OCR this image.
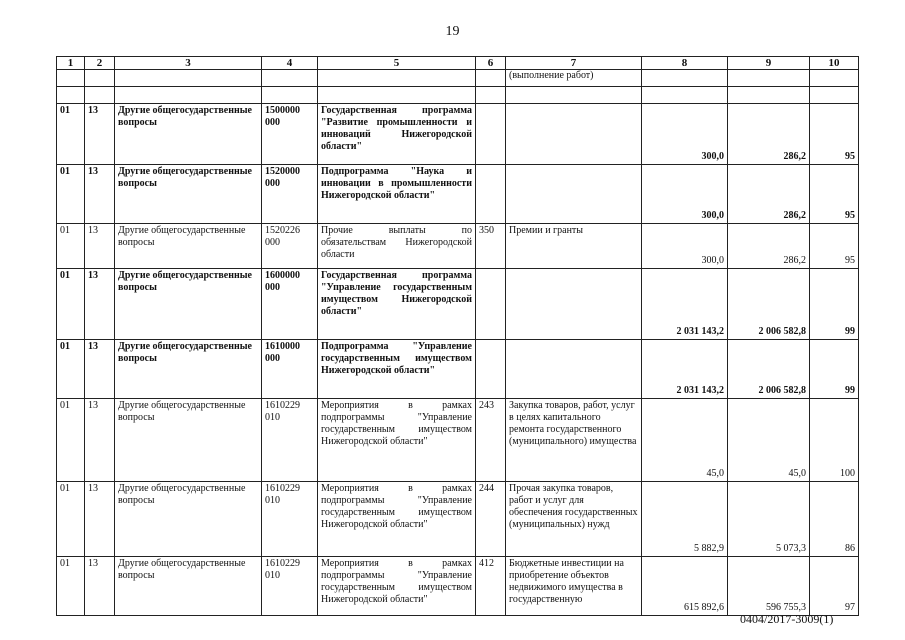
19
1	2	3	4	5	6	7	8	9	10
						(выполнение работ)			

01	13	Другие общегосударственные вопросы	1500000 000	Государственная программа "Развитие промышленности и инноваций Нижегородской области"			300,0	286,2	95
01	13	Другие общегосударственные вопросы	1520000 000	Подпрограмма "Наука и инновации в промышленности Нижегородской области"			300,0	286,2	95
01	13	Другие общегосударственные вопросы	1520226 000	Прочие выплаты по обязательствам Нижегородской области	350	Премии и гранты	300,0	286,2	95
01	13	Другие общегосударственные вопросы	1600000 000	Государственная программа "Управление государственным имуществом Нижегородской области"			2 031 143,2	2 006 582,8	99
01	13	Другие общегосударственные вопросы	1610000 000	Подпрограмма "Управление государственным имуществом Нижегородской области"			2 031 143,2	2 006 582,8	99
01	13	Другие общегосударственные вопросы	1610229 010	Мероприятия в рамках подпрограммы "Управление государственным имуществом Нижегородской области"	243	Закупка товаров, работ, услуг в целях капитального ремонта государственного (муниципального) имущества	45,0	45,0	100
01	13	Другие общегосударственные вопросы	1610229 010	Мероприятия в рамках подпрограммы "Управление государственным имуществом Нижегородской области"	244	Прочая закупка товаров, работ и услуг для обеспечения государственных (муниципальных) нужд	5 882,9	5 073,3	86
01	13	Другие общегосударственные вопросы	1610229 010	Мероприятия в рамках подпрограммы "Управление государственным имуществом Нижегородской области"	412	Бюджетные инвестиции на приобретение объектов недвижимого имущества в государственную	615 892,6	596 755,3	97
0404/2017-3009(1)
